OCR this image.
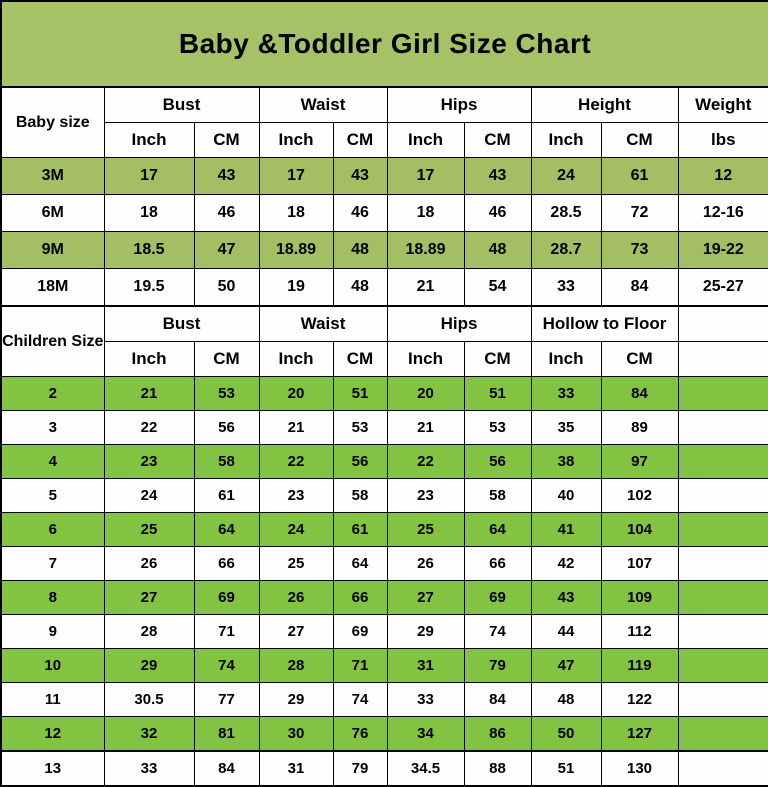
Baby &Toddler Girl Size Chart									
Baby size	Bust		Waist		Hips		Height		Weight
	Inch	CM	Inch	CM	Inch	CM	Inch	CM	lbs
3M	17	43	17	43	17	43	24	61	12
6M	18	46	18	46	18	46	28.5	72	12-16
9M	18.5	47	18.89	48	18.89	48	28.7	73	19-22
18M	19.5	50	19	48	21	54	33	84	25-27
Children Size	Bust		Waist		Hips		Hollow to Floor		
	Inch	CM	Inch	CM	Inch	CM	Inch	CM	
2	21	53	20	51	20	51	33	84	
3	22	56	21	53	21	53	35	89	
4	23	58	22	56	22	56	38	97	
5	24	61	23	58	23	58	40	102	
6	25	64	24	61	25	64	41	104	
7	26	66	25	64	26	66	42	107	
8	27	69	26	66	27	69	43	109	
9	28	71	27	69	29	74	44	112	
10	29	74	28	71	31	79	47	119	
11	30.5	77	29	74	33	84	48	122	
12	32	81	30	76	34	86	50	127	
13	33	84	31	79	34.5	88	51	130	
